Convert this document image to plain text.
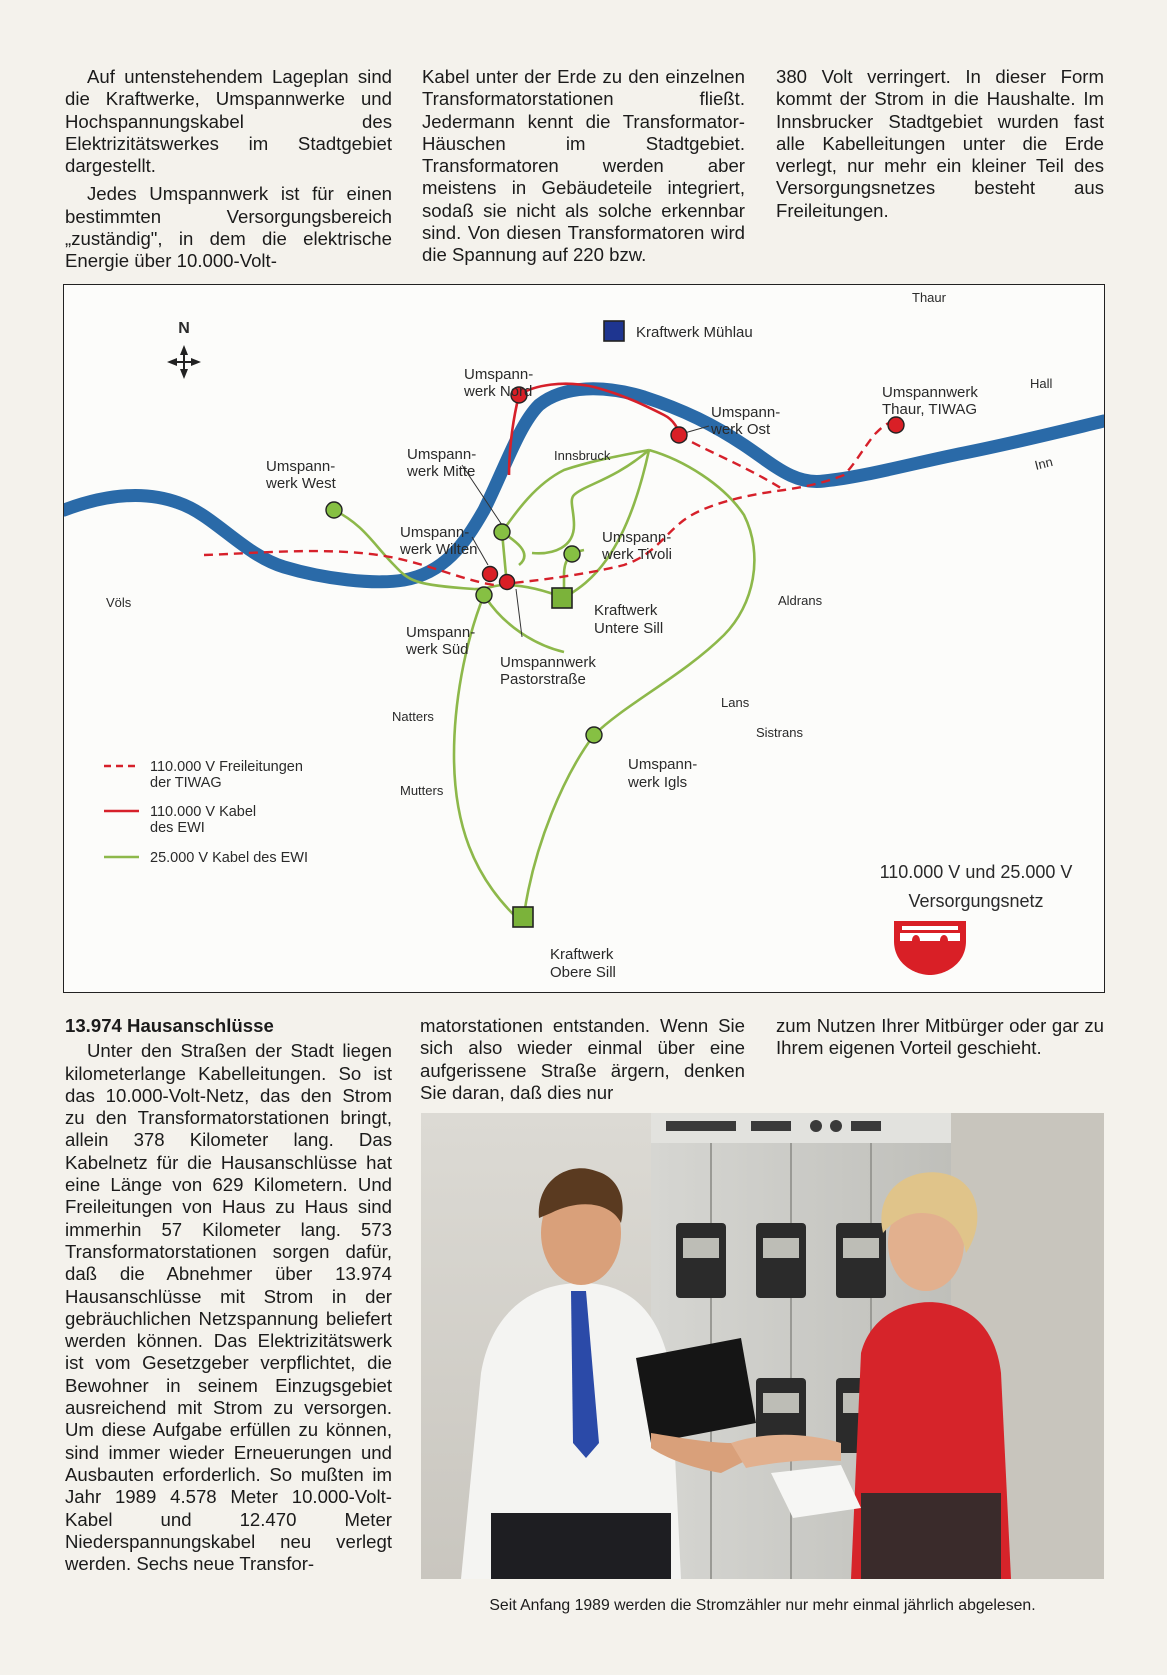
Auf untenstehendem Lageplan sind die Kraftwerke, Umspannwerke und Hochspannungskabel des Elektrizitätswerkes im Stadtgebiet dargestellt.

Jedes Umspannwerk ist für einen bestimmten Versorgungsbereich „zuständig", in dem die elektrische Energie über 10.000-Volt-

Kabel unter der Erde zu den einzelnen Transformatorstationen fließt. Jedermann kennt die Transformator-Häuschen im Stadtgebiet. Transformatoren werden aber meistens in Gebäudeteile integriert, sodaß sie nicht als solche erkennbar sind. Von diesen Transformatoren wird die Spannung auf 220 bzw.

380 Volt verringert. In dieser Form kommt der Strom in die Haushalte. Im Innsbrucker Stadtgebiet wurden fast alle Kabelleitungen unter die Erde verlegt, nur mehr ein kleiner Teil des Versorgungsnetzes besteht aus Freileitungen.

N
Thaur
Hall
Inn
Innsbruck
Völs	Aldrans
Natters
Mutters
Lans
Sistrans
Kraftwerk Mühlau
Umspann-werk Nord
Umspann-werk Ost
Umspannwerk Thaur, TIWAG
Umspann-werk West
Umspann-werk Mitte
Umspann-werk Wilten
Umspann-werk Tivoli
Umspann-werk Süd
Umspannwerk Pastorstraße
Kraftwerk Untere Sill
Umspann-werk Igls
Kraftwerk Obere Sill
110.000 V Freileitungen der TIWAG
110.000 V Kabel des EWI
25.000 V Kabel des EWI
110.000 V und 25.000 V
Versorgungsnetz
13.974 Hausanschlüsse

Unter den Straßen der Stadt liegen kilometerlange Kabelleitungen. So ist das 10.000-Volt-Netz, das den Strom zu den Transformatorstationen bringt, allein 378 Kilometer lang. Das Kabelnetz für die Hausanschlüsse hat eine Länge von 629 Kilometern. Und Freileitungen von Haus zu Haus sind immerhin 57 Kilometer lang. 573 Transformatorstationen sorgen dafür, daß die Abnehmer über 13.974 Hausanschlüsse mit Strom in der gebräuchlichen Netzspannung beliefert werden können. Das Elektrizitätswerk ist vom Gesetzgeber verpflichtet, die Bewohner in seinem Einzugsgebiet ausreichend mit Strom zu versorgen. Um diese Aufgabe erfüllen zu können, sind immer wieder Erneuerungen und Ausbauten erforderlich. So mußten im Jahr 1989 4.578 Meter 10.000-Volt-Kabel und 12.470 Meter Niederspannungskabel neu verlegt werden. Sechs neue Transfor-

matorstationen entstanden. Wenn Sie sich also wieder einmal über eine aufgerissene Straße ärgern, denken Sie daran, daß dies nur

zum Nutzen Ihrer Mitbürger oder gar zu Ihrem eigenen Vorteil geschieht.

Seit Anfang 1989 werden die Stromzähler nur mehr einmal jährlich abgelesen.
